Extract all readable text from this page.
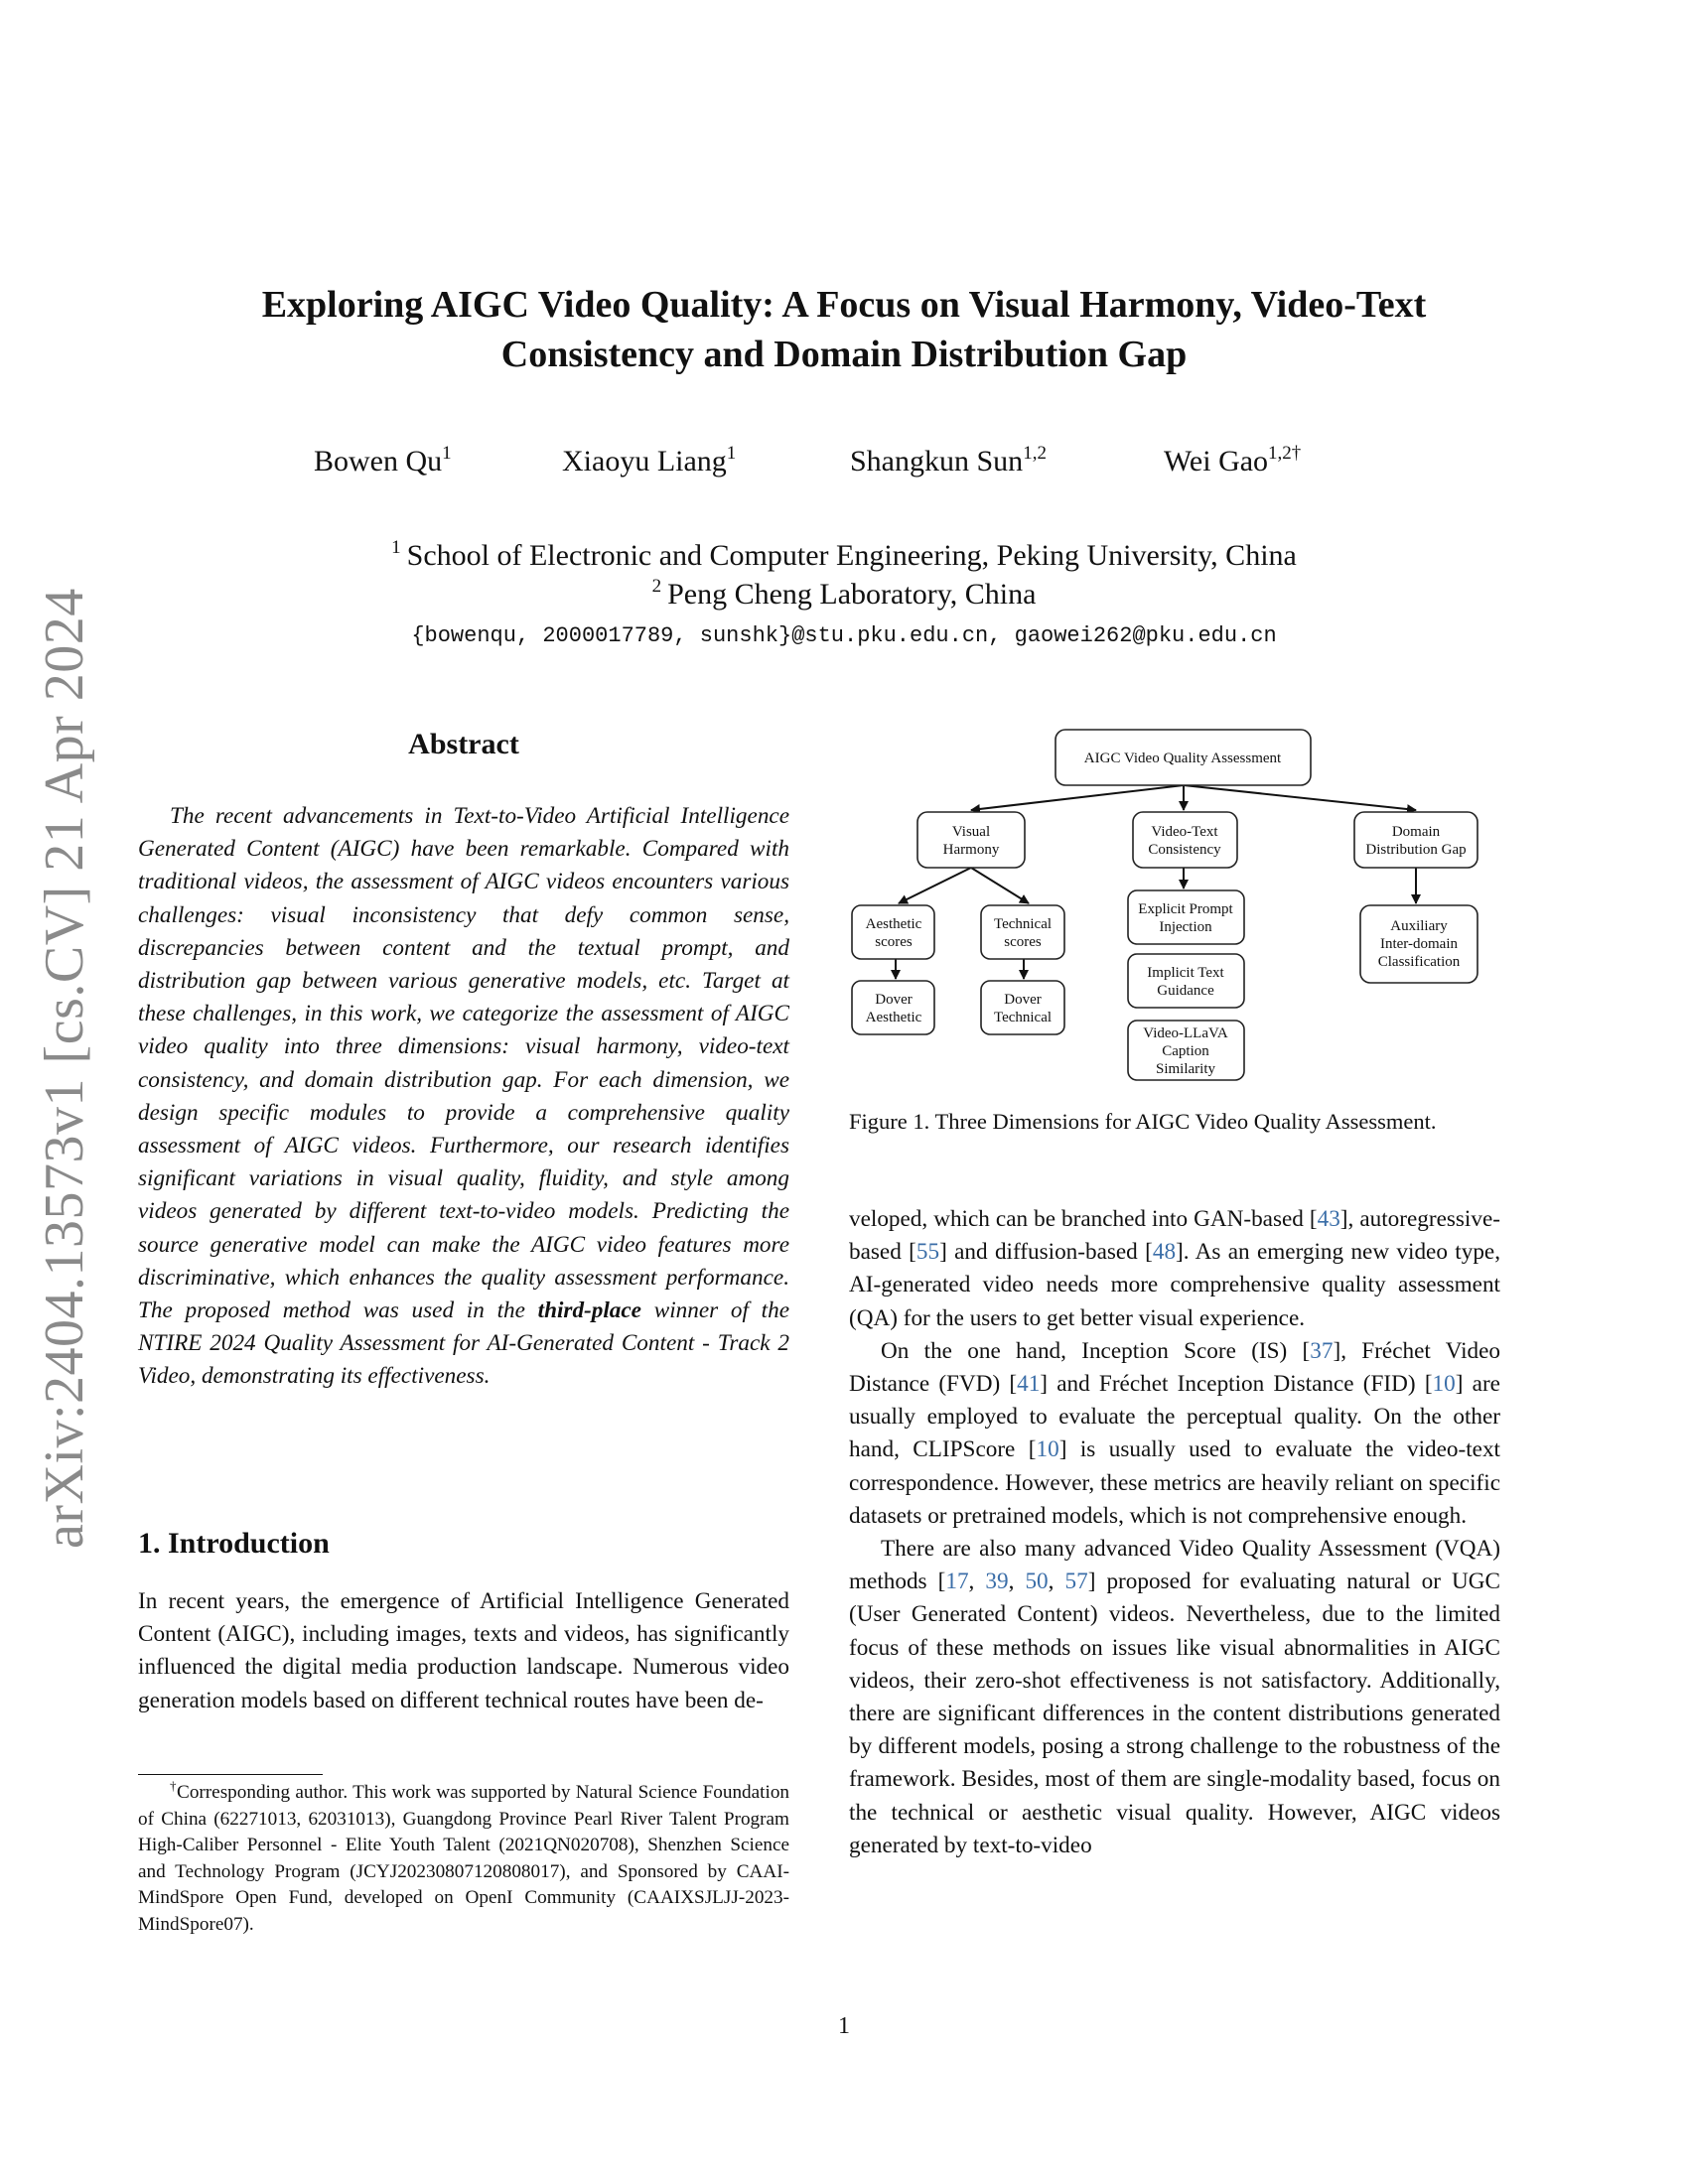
arXiv:2404.13573v1 [cs.CV] 21 Apr 2024
Exploring AIGC Video Quality: A Focus on Visual Harmony, Video-Text
Consistency and Domain Distribution Gap
Bowen Qu$^1$	Xiaoyu Liang$^1$	Shangkun Sun$^{1,2}$	Wei Gao$^{1,2\dagger}$
$^1$ School of Electronic and Computer Engineering, Peking University, China
$^2$ Peng Cheng Laboratory, China
{bowenqu, 2000017789, sunshk}@stu.pku.edu.cn, gaowei262@pku.edu.cn
Abstract

The recent advancements in Text-to-Video Artificial Intelligence Generated Content (AIGC) have been remarkable. Compared with traditional videos, the assessment of AIGC videos encounters various challenges: visual inconsistency that defy common sense, discrepancies between content and the textual prompt, and distribution gap between various generative models, etc. Target at these challenges, in this work, we categorize the assessment of AIGC video quality into three dimensions: visual harmony, video-text consistency, and domain distribution gap. For each dimension, we design specific modules to provide a comprehensive quality assessment of AIGC videos. Furthermore, our research identifies significant variations in visual quality, fluidity, and style among videos generated by different text-to-video models. Predicting the source generative model can make the AIGC video features more discriminative, which enhances the quality assessment performance. The proposed method was used in the third-place winner of the NTIRE 2024 Quality Assessment for AI-Generated Content - Track 2 Video, demonstrating its effectiveness.

1. Introduction

In recent years, the emergence of Artificial Intelligence Generated Content (AIGC), including images, texts and videos, has significantly influenced the digital media production landscape. Numerous video generation models based on different technical routes have been de-

†Corresponding author. This work was supported by Natural Science Foundation of China (62271013, 62031013), Guangdong Province Pearl River Talent Program High-Caliber Personnel - Elite Youth Talent (2021QN020708), Shenzhen Science and Technology Program (JCYJ20230807120808017), and Sponsored by CAAI-MindSpore Open Fund, developed on OpenI Community (CAAIXSJLJJ-2023-MindSpore07).

AIGC Video Quality Assessment
Visual
Harmony
Video-Text
Consistency
Domain
Distribution Gap
Aesthetic
scores
Technical
scores
Dover
Aesthetic
Dover
Technical
Explicit Prompt
Injection
Implicit Text
Guidance
Video-LLaVA
Caption
Similarity
Auxiliary
Inter-domain
Classification
Figure 1. Three Dimensions for AIGC Video Quality Assessment.

veloped, which can be branched into GAN-based [43], autoregressive-based [55] and diffusion-based [48]. As an emerging new video type, AI-generated video needs more comprehensive quality assessment (QA) for the users to get better visual experience.

On the one hand, Inception Score (IS) [37], Fréchet Video Distance (FVD) [41] and Fréchet Inception Distance (FID) [10] are usually employed to evaluate the perceptual quality. On the other hand, CLIPScore [10] is usually used to evaluate the video-text correspondence. However, these metrics are heavily reliant on specific datasets or pretrained models, which is not comprehensive enough.

There are also many advanced Video Quality Assessment (VQA) methods [17, 39, 50, 57] proposed for evaluating natural or UGC (User Generated Content) videos. Nevertheless, due to the limited focus of these methods on issues like visual abnormalities in AIGC videos, their zero-shot effectiveness is not satisfactory. Additionally, there are significant differences in the content distributions generated by different models, posing a strong challenge to the robustness of the framework. Besides, most of them are single-modality based, focus on the technical or aesthetic visual quality. However, AIGC videos generated by text-to-video

1
